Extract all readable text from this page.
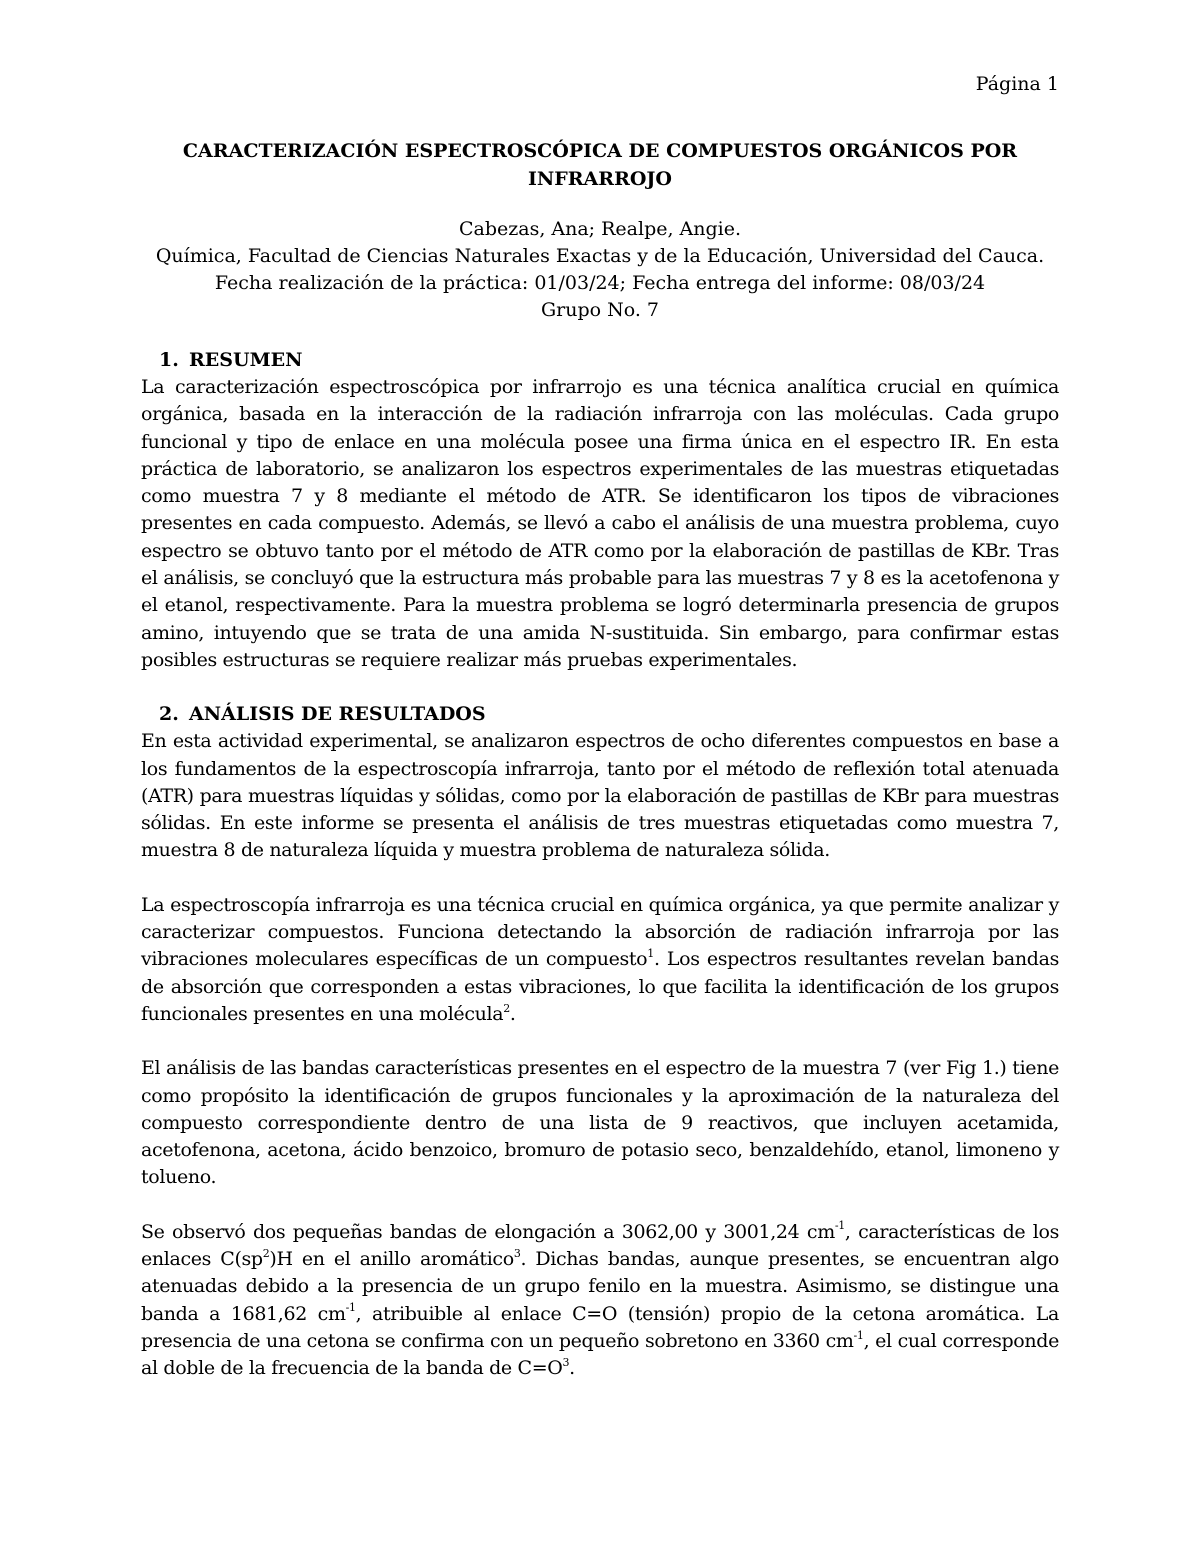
Página 1
CARACTERIZACIÓN ESPECTROSCÓPICA DE COMPUESTOS ORGÁNICOS POR
INFRARROJO
Cabezas, Ana; Realpe, Angie.
Química, Facultad de Ciencias Naturales Exactas y de la Educación, Universidad del Cauca.
Fecha realización de la práctica: 01/03/24; Fecha entrega del informe: 08/03/24
Grupo No. 7
1. RESUMEN

La caracterización espectroscópica por infrarrojo es una técnica analítica crucial en química orgánica, basada en la interacción de la radiación infrarroja con las moléculas. Cada grupo funcional y tipo de enlace en una molécula posee una firma única en el espectro IR. En esta práctica de laboratorio, se analizaron los espectros experimentales de las muestras etiquetadas como muestra 7 y 8 mediante el método de ATR. Se identificaron los tipos de vibraciones presentes en cada compuesto. Además, se llevó a cabo el análisis de una muestra problema, cuyo espectro se obtuvo tanto por el método de ATR como por la elaboración de pastillas de KBr. Tras el análisis, se concluyó que la estructura más probable para las muestras 7 y 8 es la acetofenona y el etanol, respectivamente. Para la muestra problema se logró determinarla presencia de grupos amino, intuyendo que se trata de una amida N-sustituida. Sin embargo, para confirmar estas posibles estructuras se requiere realizar más pruebas experimentales.

2. ANÁLISIS DE RESULTADOS

En esta actividad experimental, se analizaron espectros de ocho diferentes compuestos en base a los fundamentos de la espectroscopía infrarroja, tanto por el método de reflexión total atenuada (ATR) para muestras líquidas y sólidas, como por la elaboración de pastillas de KBr para muestras sólidas. En este informe se presenta el análisis de tres muestras etiquetadas como muestra 7, muestra 8 de naturaleza líquida y muestra problema de naturaleza sólida.

La espectroscopía infrarroja es una técnica crucial en química orgánica, ya que permite analizar y caracterizar compuestos. Funciona detectando la absorción de radiación infrarroja por las vibraciones moleculares específicas de un compuesto$^1$. Los espectros resultantes revelan bandas de absorción que corresponden a estas vibraciones, lo que facilita la identificación de los grupos funcionales presentes en una molécula$^2$.

El análisis de las bandas características presentes en el espectro de la muestra 7 (ver Fig 1.) tiene como propósito la identificación de grupos funcionales y la aproximación de la naturaleza del compuesto correspondiente dentro de una lista de 9 reactivos, que incluyen acetamida, acetofenona, acetona, ácido benzoico, bromuro de potasio seco, benzaldehído, etanol, limoneno y tolueno.

Se observó dos pequeñas bandas de elongación a 3062,00 y 3001,24 $cm^{-1}$, características de los enlaces $C(sp^2)H$ en el anillo aromático$^3$. Dichas bandas, aunque presentes, se encuentran algo atenuadas debido a la presencia de un grupo fenilo en la muestra. Asimismo, se distingue una banda a 1681,62 $cm^{-1}$, atribuible al enlace C=O (tensión) propio de la cetona aromática. La presencia de una cetona se confirma con un pequeño sobretono en 3360 $cm^{-1}$, el cual corresponde al doble de la frecuencia de la banda de $C=O^3$.
